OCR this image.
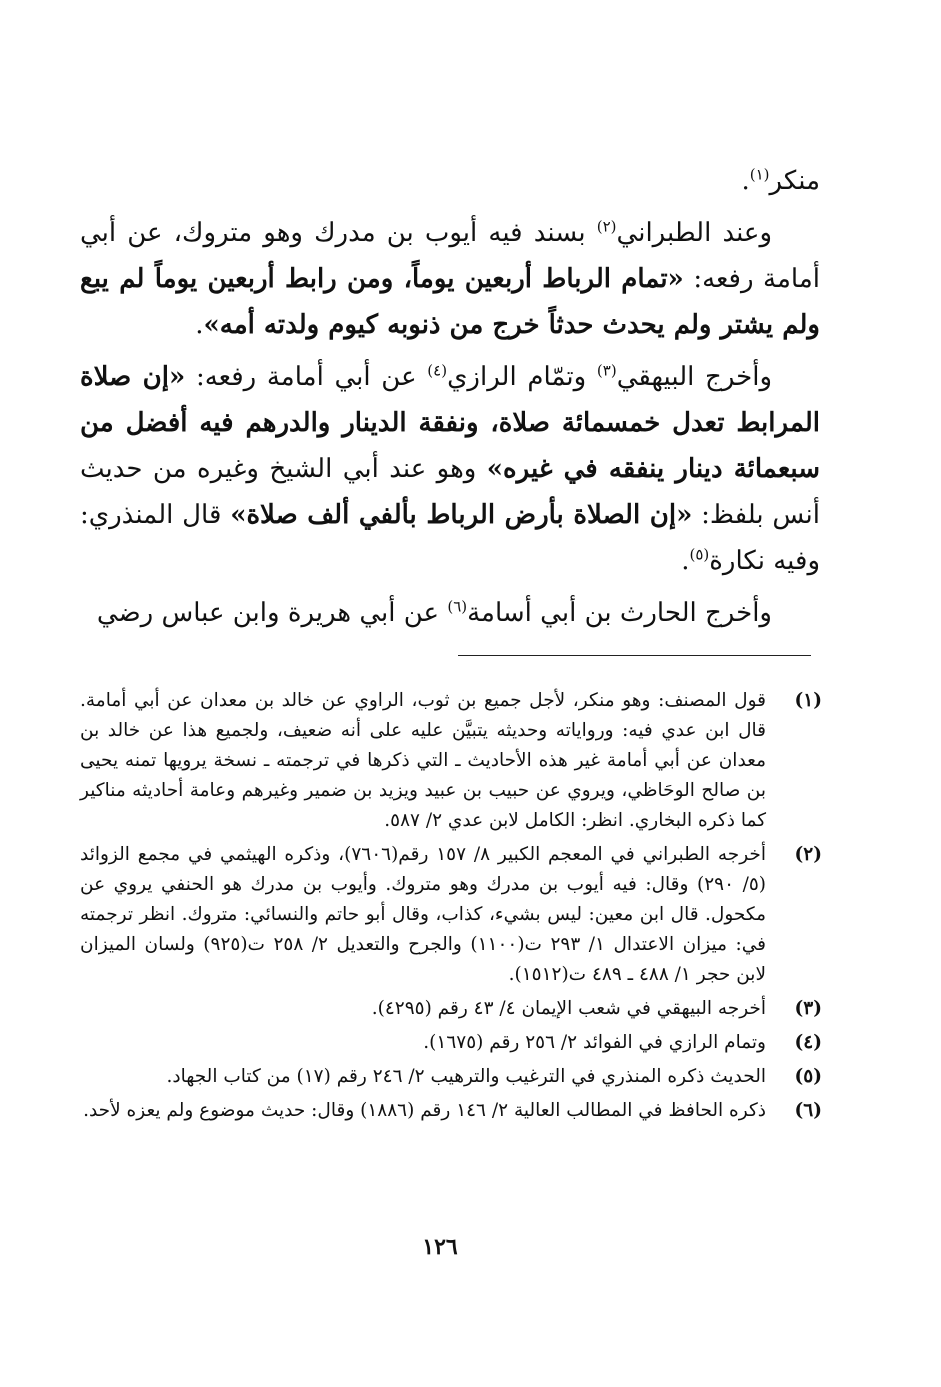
منكر$^{(١)}$.

وعند الطبراني$^{(٢)}$ بسند فيه أيوب بن مدرك وهو متروك، عن أبي أمامة رفعه: «تمام الرباط أربعين يوماً، ومن رابط أربعين يوماً لم يبع ولم يشتر ولم يحدث حدثاً خرج من ذنوبه كيوم ولدته أمه».

وأخرج البيهقي$^{(٣)}$ وتمّام الرازي$^{(٤)}$ عن أبي أمامة رفعه: «إن صلاة المرابط تعدل خمسمائة صلاة، ونفقة الدينار والدرهم فيه أفضل من سبعمائة دينار ينفقه في غيره» وهو عند أبي الشيخ وغيره من حديث أنس بلفظ: «إن الصلاة بأرض الرباط بألفي ألف صلاة» قال المنذري: وفيه نكارة$^{(٥)}$.

وأخرج الحارث بن أبي أسامة$^{(٦)}$ عن أبي هريرة وابن عباس رضي

(١)
قول المصنف: وهو منكر، لأجل جميع بن ثوب، الراوي عن خالد بن معدان عن أبي أمامة. قال ابن عدي فيه: ورواياته وحديثه يتبيَّن عليه على أنه ضعيف، ولجميع هذا عن خالد بن معدان عن أبي أمامة غير هذه الأحاديث ـ التي ذكرها في ترجمته ـ نسخة يرويها تمنه يحيى بن صالح الوحَاظي، ويروي عن حبيب بن عبيد ويزيد بن ضمير وغيرهم وعامة أحاديثه مناكير كما ذكره البخاري. انظر: الكامل لابن عدي ٢/ ٥٨٧.
(٢)
أخرجه الطبراني في المعجم الكبير ٨/ ١٥٧ رقم(٧٦٠٦)، وذكره الهيثمي في مجمع الزوائد (٥/ ٢٩٠) وقال: فيه أيوب بن مدرك وهو متروك. وأيوب بن مدرك هو الحنفي يروي عن مكحول. قال ابن معين: ليس بشيء، كذاب، وقال أبو حاتم والنسائي: متروك. انظر ترجمته في: ميزان الاعتدال ١/ ٢٩٣ ت(١١٠٠) والجرح والتعديل ٢/ ٢٥٨ ت(٩٢٥) ولسان الميزان لابن حجر ١/ ٤٨٨ ـ ٤٨٩ ت(١٥١٢).
(٣)
أخرجه البيهقي في شعب الإيمان ٤/ ٤٣ رقم (٤٢٩٥).
(٤)
وتمام الرازي في الفوائد ٢/ ٢٥٦ رقم (١٦٧٥).
(٥)
الحديث ذكره المنذري في الترغيب والترهيب ٢/ ٢٤٦ رقم (١٧) من كتاب الجهاد.
(٦)
ذكره الحافظ في المطالب العالية ٢/ ١٤٦ رقم (١٨٨٦) وقال: حديث موضوع ولم يعزه لأحد.
١٢٦
